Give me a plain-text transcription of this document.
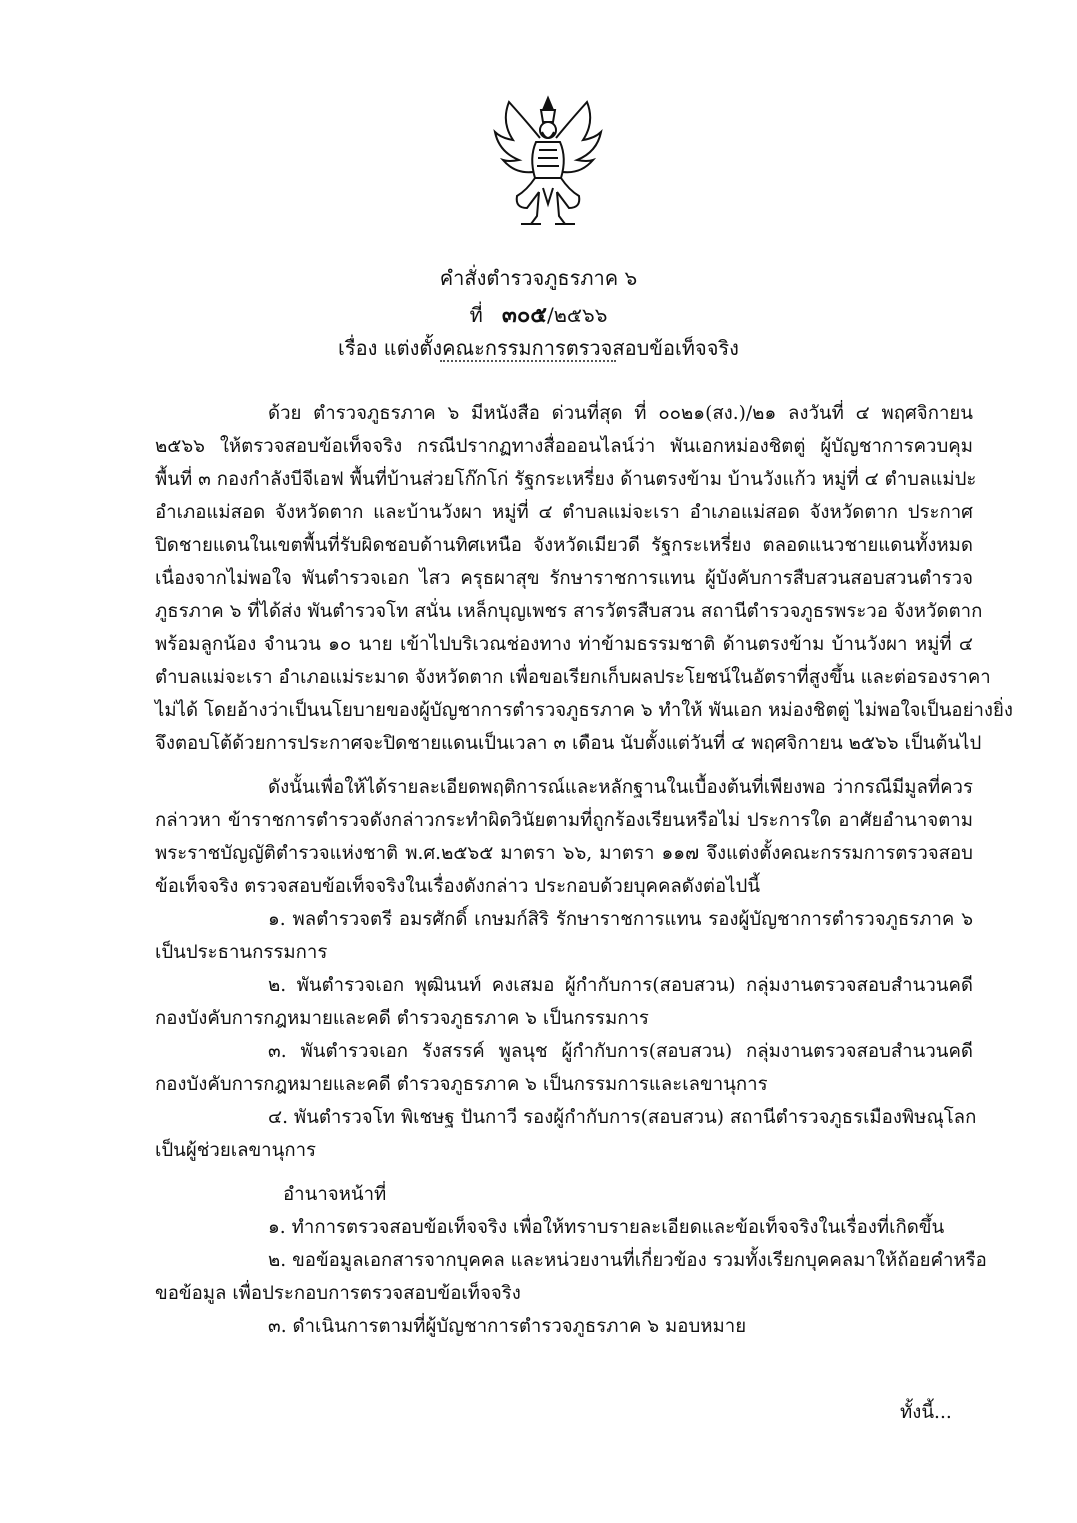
คำสั่งตำรวจภูธรภาค ๖
ที่ ๓๐๕/๒๕๖๖
เรื่อง แต่งตั้งคณะกรรมการตรวจสอบข้อเท็จจริง
ด้วย ตำรวจภูธรภาค ๖ มีหนังสือ ด่วนที่สุด ที่ ๐๐๒๑(สง.)/๒๑ ลงวันที่ ๔ พฤศจิกายน
๒๕๖๖ ให้ตรวจสอบข้อเท็จจริง กรณีปรากฏทางสื่อออนไลน์ว่า พันเอกหม่องชิตตู่ ผู้บัญชาการควบคุม
พื้นที่ ๓ กองกำลังบีจีเอฟ พื้นที่บ้านส่วยโก๊กโก่ รัฐกระเหรี่ยง ด้านตรงข้าม บ้านวังแก้ว หมู่ที่ ๔ ตำบลแม่ปะ
อำเภอแม่สอด จังหวัดตาก และบ้านวังผา หมู่ที่ ๔ ตำบลแม่จะเรา อำเภอแม่สอด จังหวัดตาก ประกาศ
ปิดชายแดนในเขตพื้นที่รับผิดชอบด้านทิศเหนือ จังหวัดเมียวดี รัฐกระเหรี่ยง ตลอดแนวชายแดนทั้งหมด
เนื่องจากไม่พอใจ พันตำรวจเอก ไสว ครุธผาสุข รักษาราชการแทน ผู้บังคับการสืบสวนสอบสวนตำรวจ
ภูธรภาค ๖ ที่ได้ส่ง พันตำรวจโท สนั่น เหล็กบุญเพชร สารวัตรสืบสวน สถานีตำรวจภูธรพระวอ จังหวัดตาก
พร้อมลูกน้อง จำนวน ๑๐ นาย เข้าไปบริเวณช่องทาง ท่าข้ามธรรมชาติ ด้านตรงข้าม บ้านวังผา หมู่ที่ ๔
ตำบลแม่จะเรา อำเภอแม่ระมาด จังหวัดตาก เพื่อขอเรียกเก็บผลประโยชน์ในอัตราที่สูงขึ้น และต่อรองราคา
ไม่ได้ โดยอ้างว่าเป็นนโยบายของผู้บัญชาการตำรวจภูธรภาค ๖ ทำให้ พันเอก หม่องชิตตู่ ไม่พอใจเป็นอย่างยิ่ง
จึงตอบโต้ด้วยการประกาศจะปิดชายแดนเป็นเวลา ๓ เดือน นับตั้งแต่วันที่ ๔ พฤศจิกายน ๒๕๖๖ เป็นต้นไป
ดังนั้นเพื่อให้ได้รายละเอียดพฤติการณ์และหลักฐานในเบื้องต้นที่เพียงพอ ว่ากรณีมีมูลที่ควร
กล่าวหา ข้าราชการตำรวจดังกล่าวกระทำผิดวินัยตามที่ถูกร้องเรียนหรือไม่ ประการใด อาศัยอำนาจตาม
พระราชบัญญัติตำรวจแห่งชาติ พ.ศ.๒๕๖๕ มาตรา ๖๖, มาตรา ๑๑๗ จึงแต่งตั้งคณะกรรมการตรวจสอบ
ข้อเท็จจริง ตรวจสอบข้อเท็จจริงในเรื่องดังกล่าว ประกอบด้วยบุคคลดังต่อไปนี้
๑. พลตำรวจตรี อมรศักดิ์ เกษมก์สิริ รักษาราชการแทน รองผู้บัญชาการตำรวจภูธรภาค ๖
เป็นประธานกรรมการ
๒. พันตำรวจเอก พุฒินนท์ คงเสมอ ผู้กำกับการ(สอบสวน) กลุ่มงานตรวจสอบสำนวนคดี
กองบังคับการกฎหมายและคดี ตำรวจภูธรภาค ๖ เป็นกรรมการ
๓. พันตำรวจเอก รังสรรค์ พูลนุช ผู้กำกับการ(สอบสวน) กลุ่มงานตรวจสอบสำนวนคดี
กองบังคับการกฎหมายและคดี ตำรวจภูธรภาค ๖ เป็นกรรมการและเลขานุการ
๔. พันตำรวจโท พิเชษฐ ปันกาวี รองผู้กำกับการ(สอบสวน) สถานีตำรวจภูธรเมืองพิษณุโลก
เป็นผู้ช่วยเลขานุการ
อำนาจหน้าที่
๑. ทำการตรวจสอบข้อเท็จจริง เพื่อให้ทราบรายละเอียดและข้อเท็จจริงในเรื่องที่เกิดขึ้น
๒. ขอข้อมูลเอกสารจากบุคคล และหน่วยงานที่เกี่ยวข้อง รวมทั้งเรียกบุคคลมาให้ถ้อยคำหรือ
ขอข้อมูล เพื่อประกอบการตรวจสอบข้อเท็จจริง
๓. ดำเนินการตามที่ผู้บัญชาการตำรวจภูธรภาค ๖ มอบหมาย
ทั้งนี้...
